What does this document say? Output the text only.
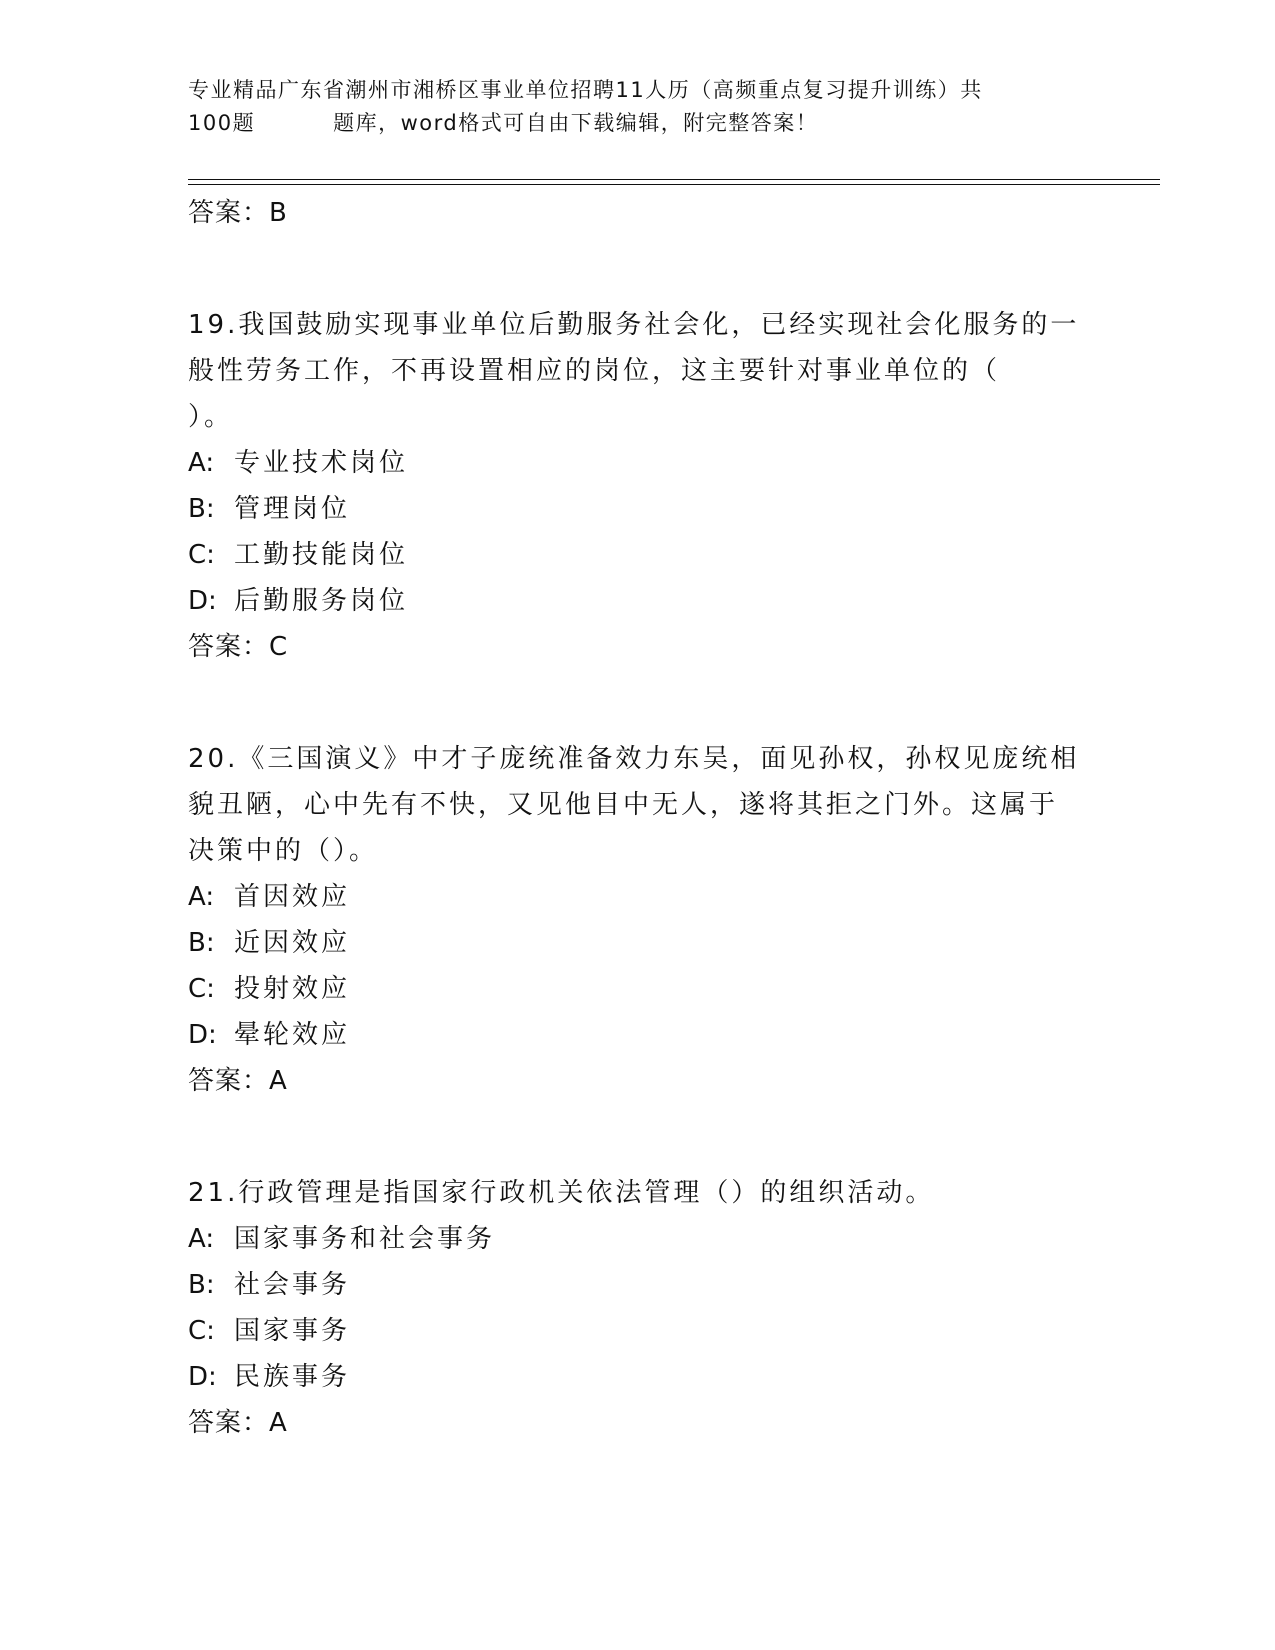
专业精品广东省潮州市湘桥区事业单位招聘11人历（高频重点复习提升训练）共
100题	题库，word格式可自由下载编辑，附完整答案！
答案：B
19.我国鼓励实现事业单位后勤服务社会化，已经实现社会化服务的一
般性劳务工作，不再设置相应的岗位，这主要针对事业单位的（
）。
A: 专业技术岗位
B: 管理岗位
C: 工勤技能岗位
D: 后勤服务岗位
答案：C
20.《三国演义》中才子庞统准备效力东吴，面见孙权，孙权见庞统相
貌丑陋，心中先有不快，又见他目中无人，遂将其拒之门外。这属于
决策中的（）。
A: 首因效应
B: 近因效应
C: 投射效应
D: 晕轮效应
答案：A
21.行政管理是指国家行政机关依法管理（）的组织活动。
A: 国家事务和社会事务
B: 社会事务
C: 国家事务
D: 民族事务
答案：A
